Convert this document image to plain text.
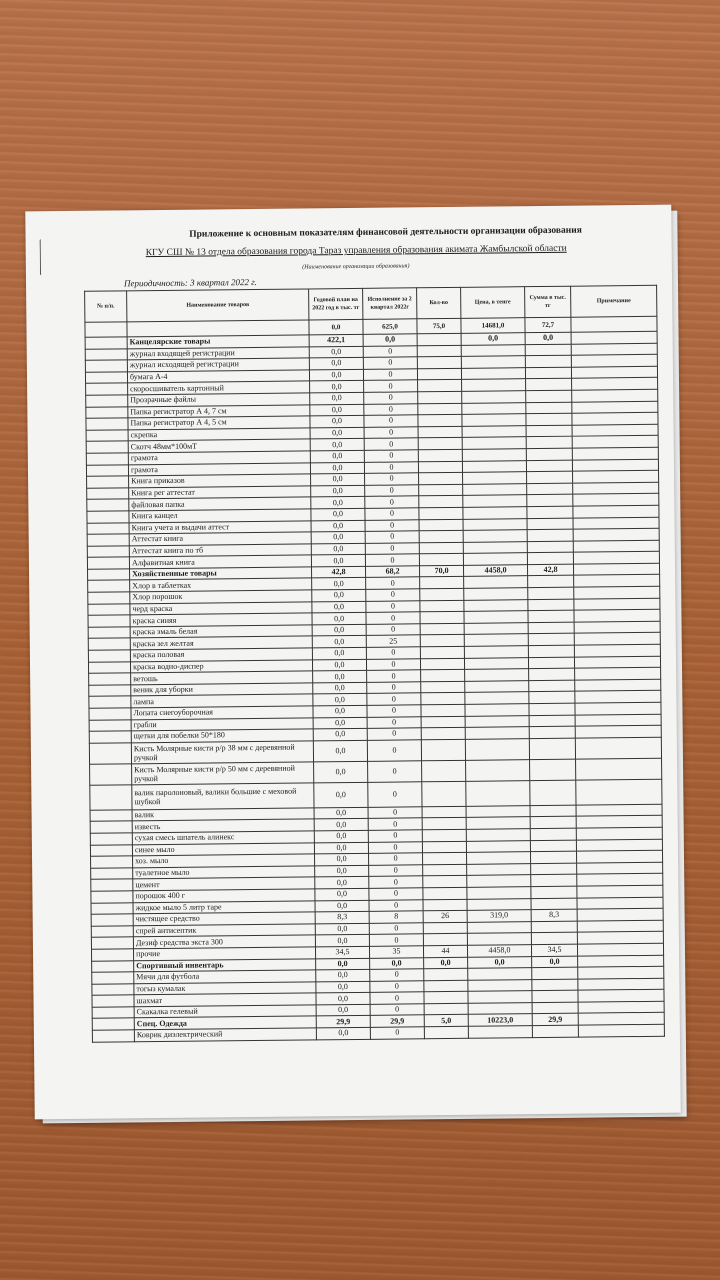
Приложение к основным показателям финансовой деятельности организации образования
КГУ СШ № 13 отдела образования города Тараз управления образования акимата Жамбылской области
(Наименование организации образования)
Периодичность: 3 квартал 2022 г.
№ п/п.	Наименование товаров	Годовой план на 2022 год в тыс. тг	Исполнение за 2 квартал 2022г	Кол-во	Цена, в тенге	Сумма в тыс. тг	Примечание
		0,0	625,0	75,0	14681,0	72,7	
	Канцелярские товары	422,1	0,0		0,0	0,0	
	журнал входящей регистрации	0,0	0				
	журнал исходящей регистрации	0,0	0				
	бумага А-4	0,0	0				
	скоросшиватель картонный	0,0	0				
	Прозрачные файлы	0,0	0				
	Папка регистратор А 4, 7 см	0,0	0				
	Папка регистратор А 4, 5 см	0,0	0				
	скрепка	0,0	0				
	Скотч 48мм*100мТ	0,0	0				
	грамота	0,0	0				
	грамота	0,0	0				
	Книга приказов	0,0	0				
	Книга рег аттестат	0,0	0				
	файловая папка	0,0	0				
	Книга канцел	0,0	0				
	Книга учета и выдачи аттест	0,0	0				
	Аттестат книга	0,0	0				
	Аттестат книга по тб	0,0	0				
	Алфавитная книга	0,0	0				
	Хозяйственные товары	42,8	68,2	70,0	4458,0	42,8	
	Хлор в таблетках	0,0	0				
	Хлор порошок	0,0	0				
	черд краска	0,0	0				
	краска синяя	0,0	0				
	краска эмаль белая	0,0	0				
	краска зел желтая	0,0	25				
	краска половая	0,0	0				
	краска водно-диспер	0,0	0				
	ветошь	0,0	0				
	веник для уборки	0,0	0				
	лампа	0,0	0				
	Лопата снегоуборочная	0,0	0				
	грабли	0,0	0				
	щетки для побелки 50*180	0,0	0				
	Кисть Молярные кисти р/р 38 мм с деревянной ручкой	0,0	0				
	Кисть Молярные кисти р/р 50 мм с деревянной ручкой	0,0	0				
	валик паролоновый, валики большие с меховой шубкой	0,0	0				
	валик	0,0	0				
	известь	0,0	0				
	сухая смесь шпатель алинекс	0,0	0				
	синее мыло	0,0	0				
	хоз. мыло	0,0	0				
	туалетное мыло	0,0	0				
	цемент	0,0	0				
	порошок 400 г	0,0	0				
	жидкое мыло 5 литр таре	0,0	0				
	чистящее средство	8,3	8	26	319,0	8,3	
	спрей антисептик	0,0	0				
	Дезиф средства экста 300	0,0	0				
	прочие	34,5	35	44	4458,0	34,5	
	Спортивный инвентарь	0,0	0,0	0,0	0,0	0,0	
	Мячи для футбола	0,0	0				
	тогыз кумалак	0,0	0				
	шахмат	0,0	0				
	Скакалка гелевый	0,0	0				
	Спец. Одежда	29,9	29,9	5,0	10223,0	29,9	
	Коврик диэлектрический	0,0	0				
